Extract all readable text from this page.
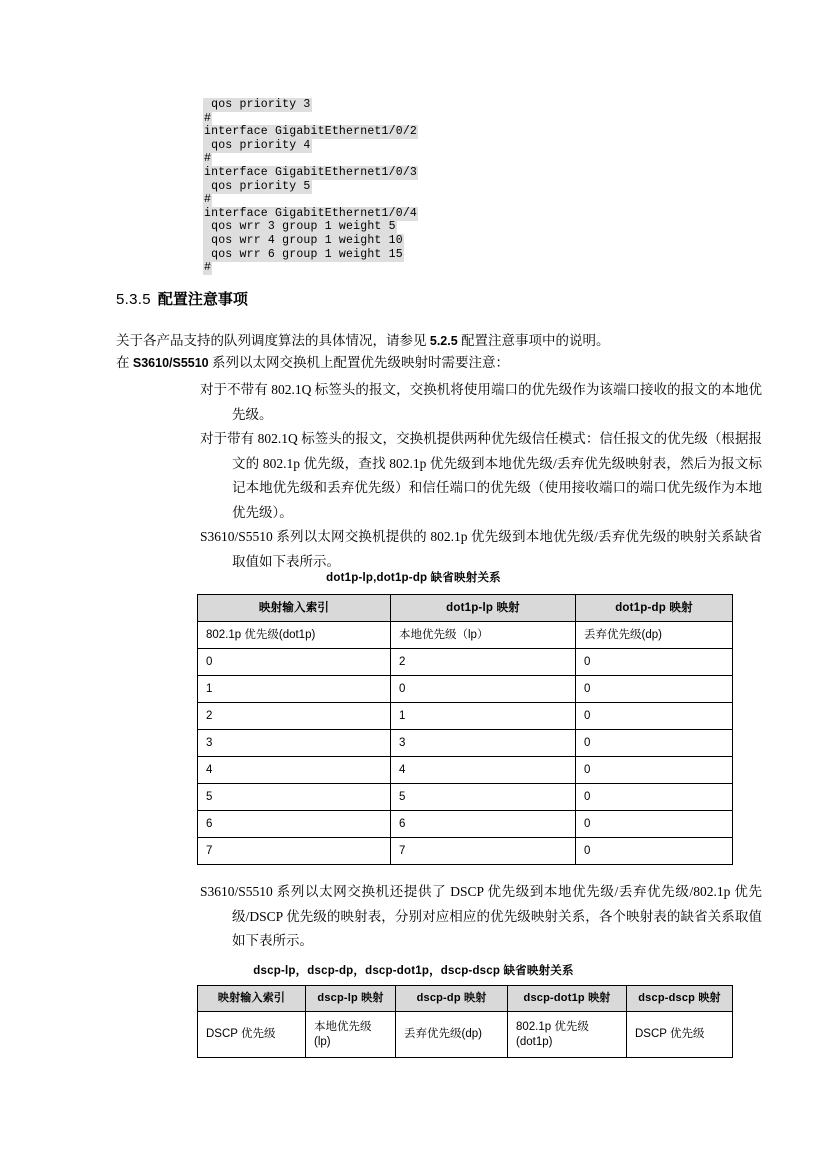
qos priority 3
#
interface GigabitEthernet1/0/2
qos priority 4
#
interface GigabitEthernet1/0/3
qos priority 5
#
interface GigabitEthernet1/0/4
qos wrr 3 group 1 weight 5
qos wrr 4 group 1 weight 10
qos wrr 6 group 1 weight 15
#
5.3.5 配置注意事项
关于各产品支持的队列调度算法的具体情况，请参见 5.2.5 配置注意事项中的说明。
在 S3610/S5510 系列以太网交换机上配置优先级映射时需要注意：
对于不带有 802.1Q 标签头的报文，交换机将使用端口的优先级作为该端口接收的报文的本地优先级。
对于带有 802.1Q 标签头的报文，交换机提供两种优先级信任模式：信任报文的优先级（根据报文的 802.1p 优先级，查找 802.1p 优先级到本地优先级/丢弃优先级映射表，然后为报文标记本地优先级和丢弃优先级）和信任端口的优先级（使用接收端口的端口优先级作为本地优先级）。
S3610/S5510 系列以太网交换机提供的 802.1p 优先级到本地优先级/丢弃优先级的映射关系缺省取值如下表所示。
dot1p-lp,dot1p-dp 缺省映射关系
映射输入索引	dot1p-lp 映射	dot1p-dp 映射
802.1p 优先级(dot1p)	本地优先级（lp）	丢弃优先级(dp)
0	2	0
1	0	0
2	1	0
3	3	0
4	4	0
5	5	0
6	6	0
7	7	0
S3610/S5510 系列以太网交换机还提供了 DSCP 优先级到本地优先级/丢弃优先级/802.1p 优先级/DSCP 优先级的映射表，分别对应相应的优先级映射关系，各个映射表的缺省关系取值如下表所示。
dscp-lp，dscp-dp，dscp-dot1p，dscp-dscp 缺省映射关系
映射输入索引	dscp-lp 映射	dscp-dp 映射	dscp-dot1p 映射	dscp-dscp 映射
DSCP 优先级	本地优先级(lp)	丢弃优先级(dp)	802.1p 优先级(dot1p)	DSCP 优先级
